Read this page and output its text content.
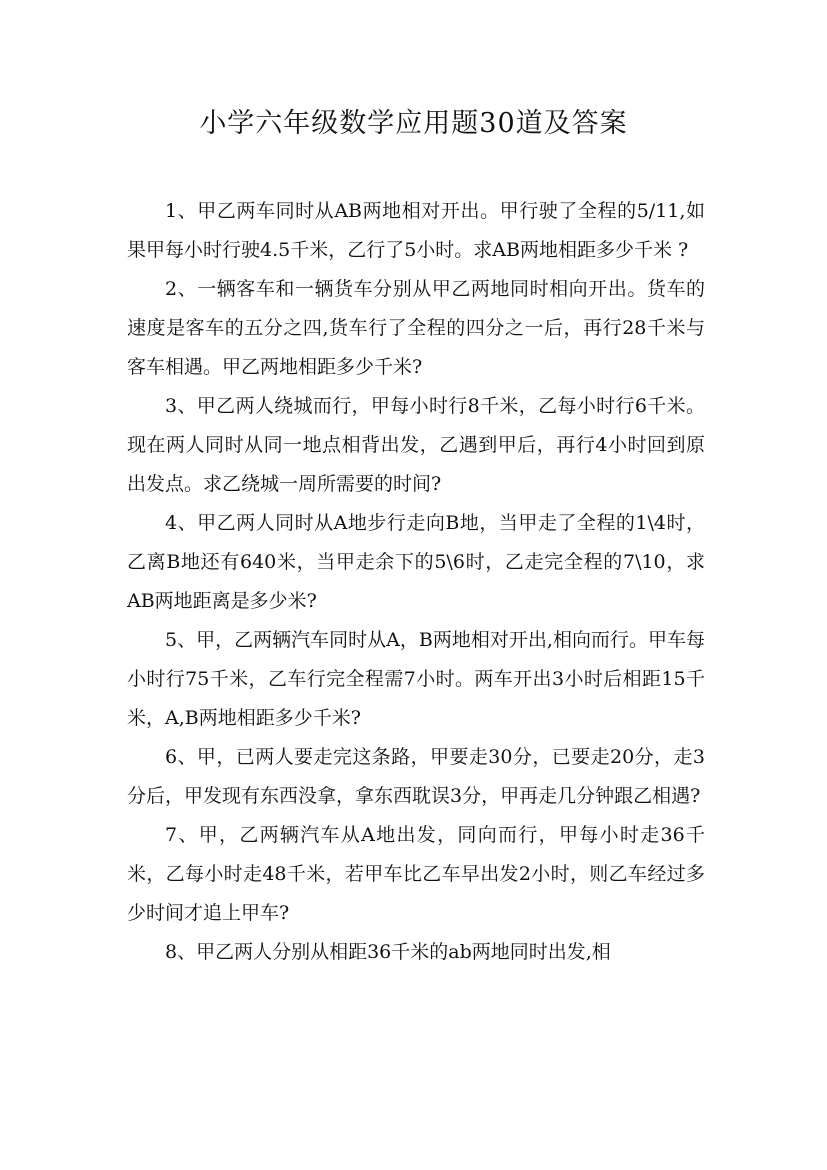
小学六年级数学应用题30道及答案

1、甲乙两车同时从AB两地相对开出。甲行驶了全程的5/11,如果甲每小时行驶4.5千米，乙行了5小时。求AB两地相距多少千米 ?

2、一辆客车和一辆货车分别从甲乙两地同时相向开出。货车的速度是客车的五分之四,货车行了全程的四分之一后，再行28千米与客车相遇。甲乙两地相距多少千米?

3、甲乙两人绕城而行，甲每小时行8千米，乙每小时行6千米。现在两人同时从同一地点相背出发，乙遇到甲后，再行4小时回到原出发点。求乙绕城一周所需要的时间?

4、甲乙两人同时从A地步行走向B地，当甲走了全程的1\4时，乙离B地还有640米，当甲走余下的5\6时，乙走完全程的7\10，求AB两地距离是多少米?

5、甲，乙两辆汽车同时从A，B两地相对开出,相向而行。甲车每小时行75千米，乙车行完全程需7小时。两车开出3小时后相距15千米，A,B两地相距多少千米?

6、甲，已两人要走完这条路，甲要走30分，已要走20分，走3分后，甲发现有东西没拿，拿东西耽误3分，甲再走几分钟跟乙相遇?

7、甲，乙两辆汽车从A地出发，同向而行，甲每小时走36千米，乙每小时走48千米，若甲车比乙车早出发2小时，则乙车经过多少时间才追上甲车?

8、甲乙两人分别从相距36千米的ab两地同时出发,相
